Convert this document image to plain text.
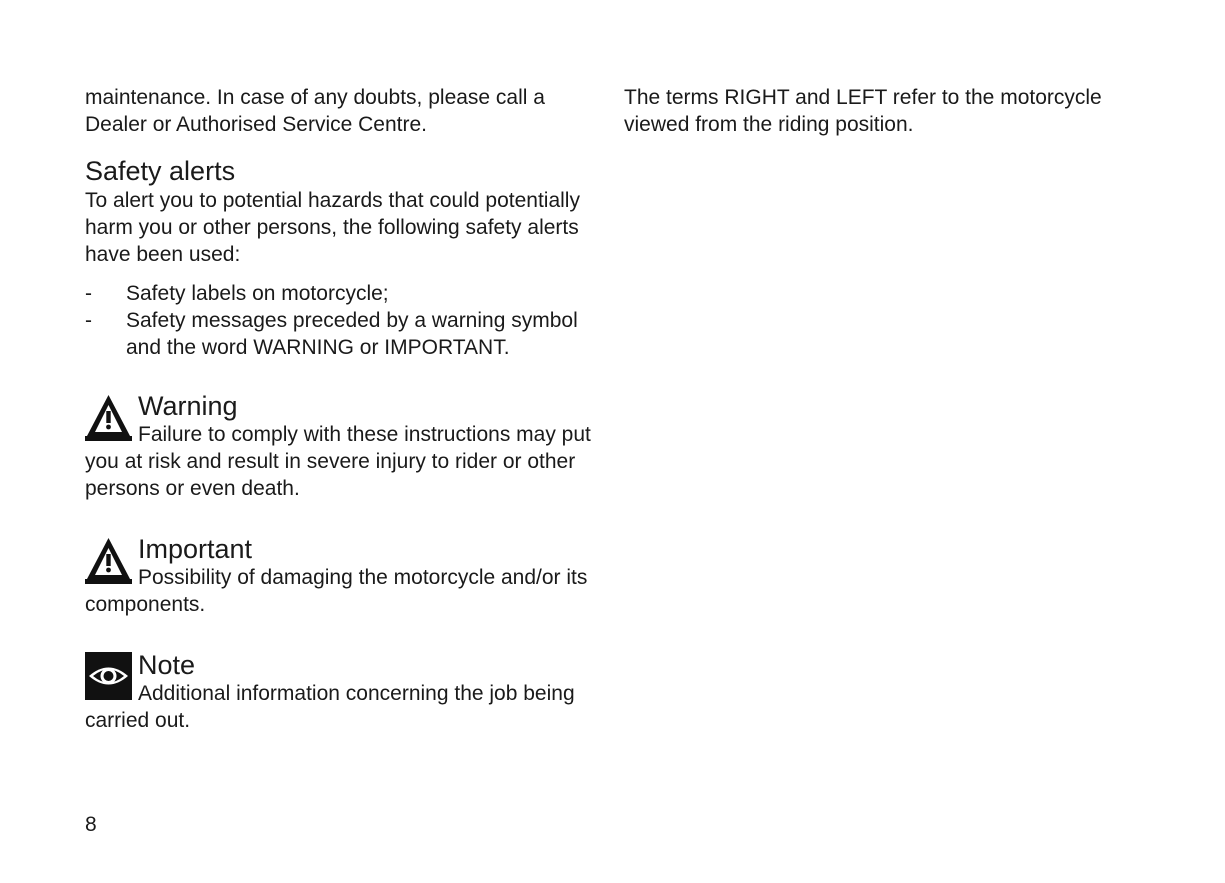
maintenance. In case of any doubts, please call a Dealer or Authorised Service Centre.

Safety alerts

To alert you to potential hazards that could potentially harm you or other persons, the following safety alerts have been used:

- Safety labels on motorcycle;
- Safety messages preceded by a warning symbol and the word WARNING or IMPORTANT.
Warning
Failure to comply with these instructions may put you at risk and result in severe injury to rider or other persons or even death.
Important
Possibility of damaging the motorcycle and/or its components.
Note
Additional information concerning the job being carried out.

The terms RIGHT and LEFT refer to the motorcycle viewed from the riding position.

8
